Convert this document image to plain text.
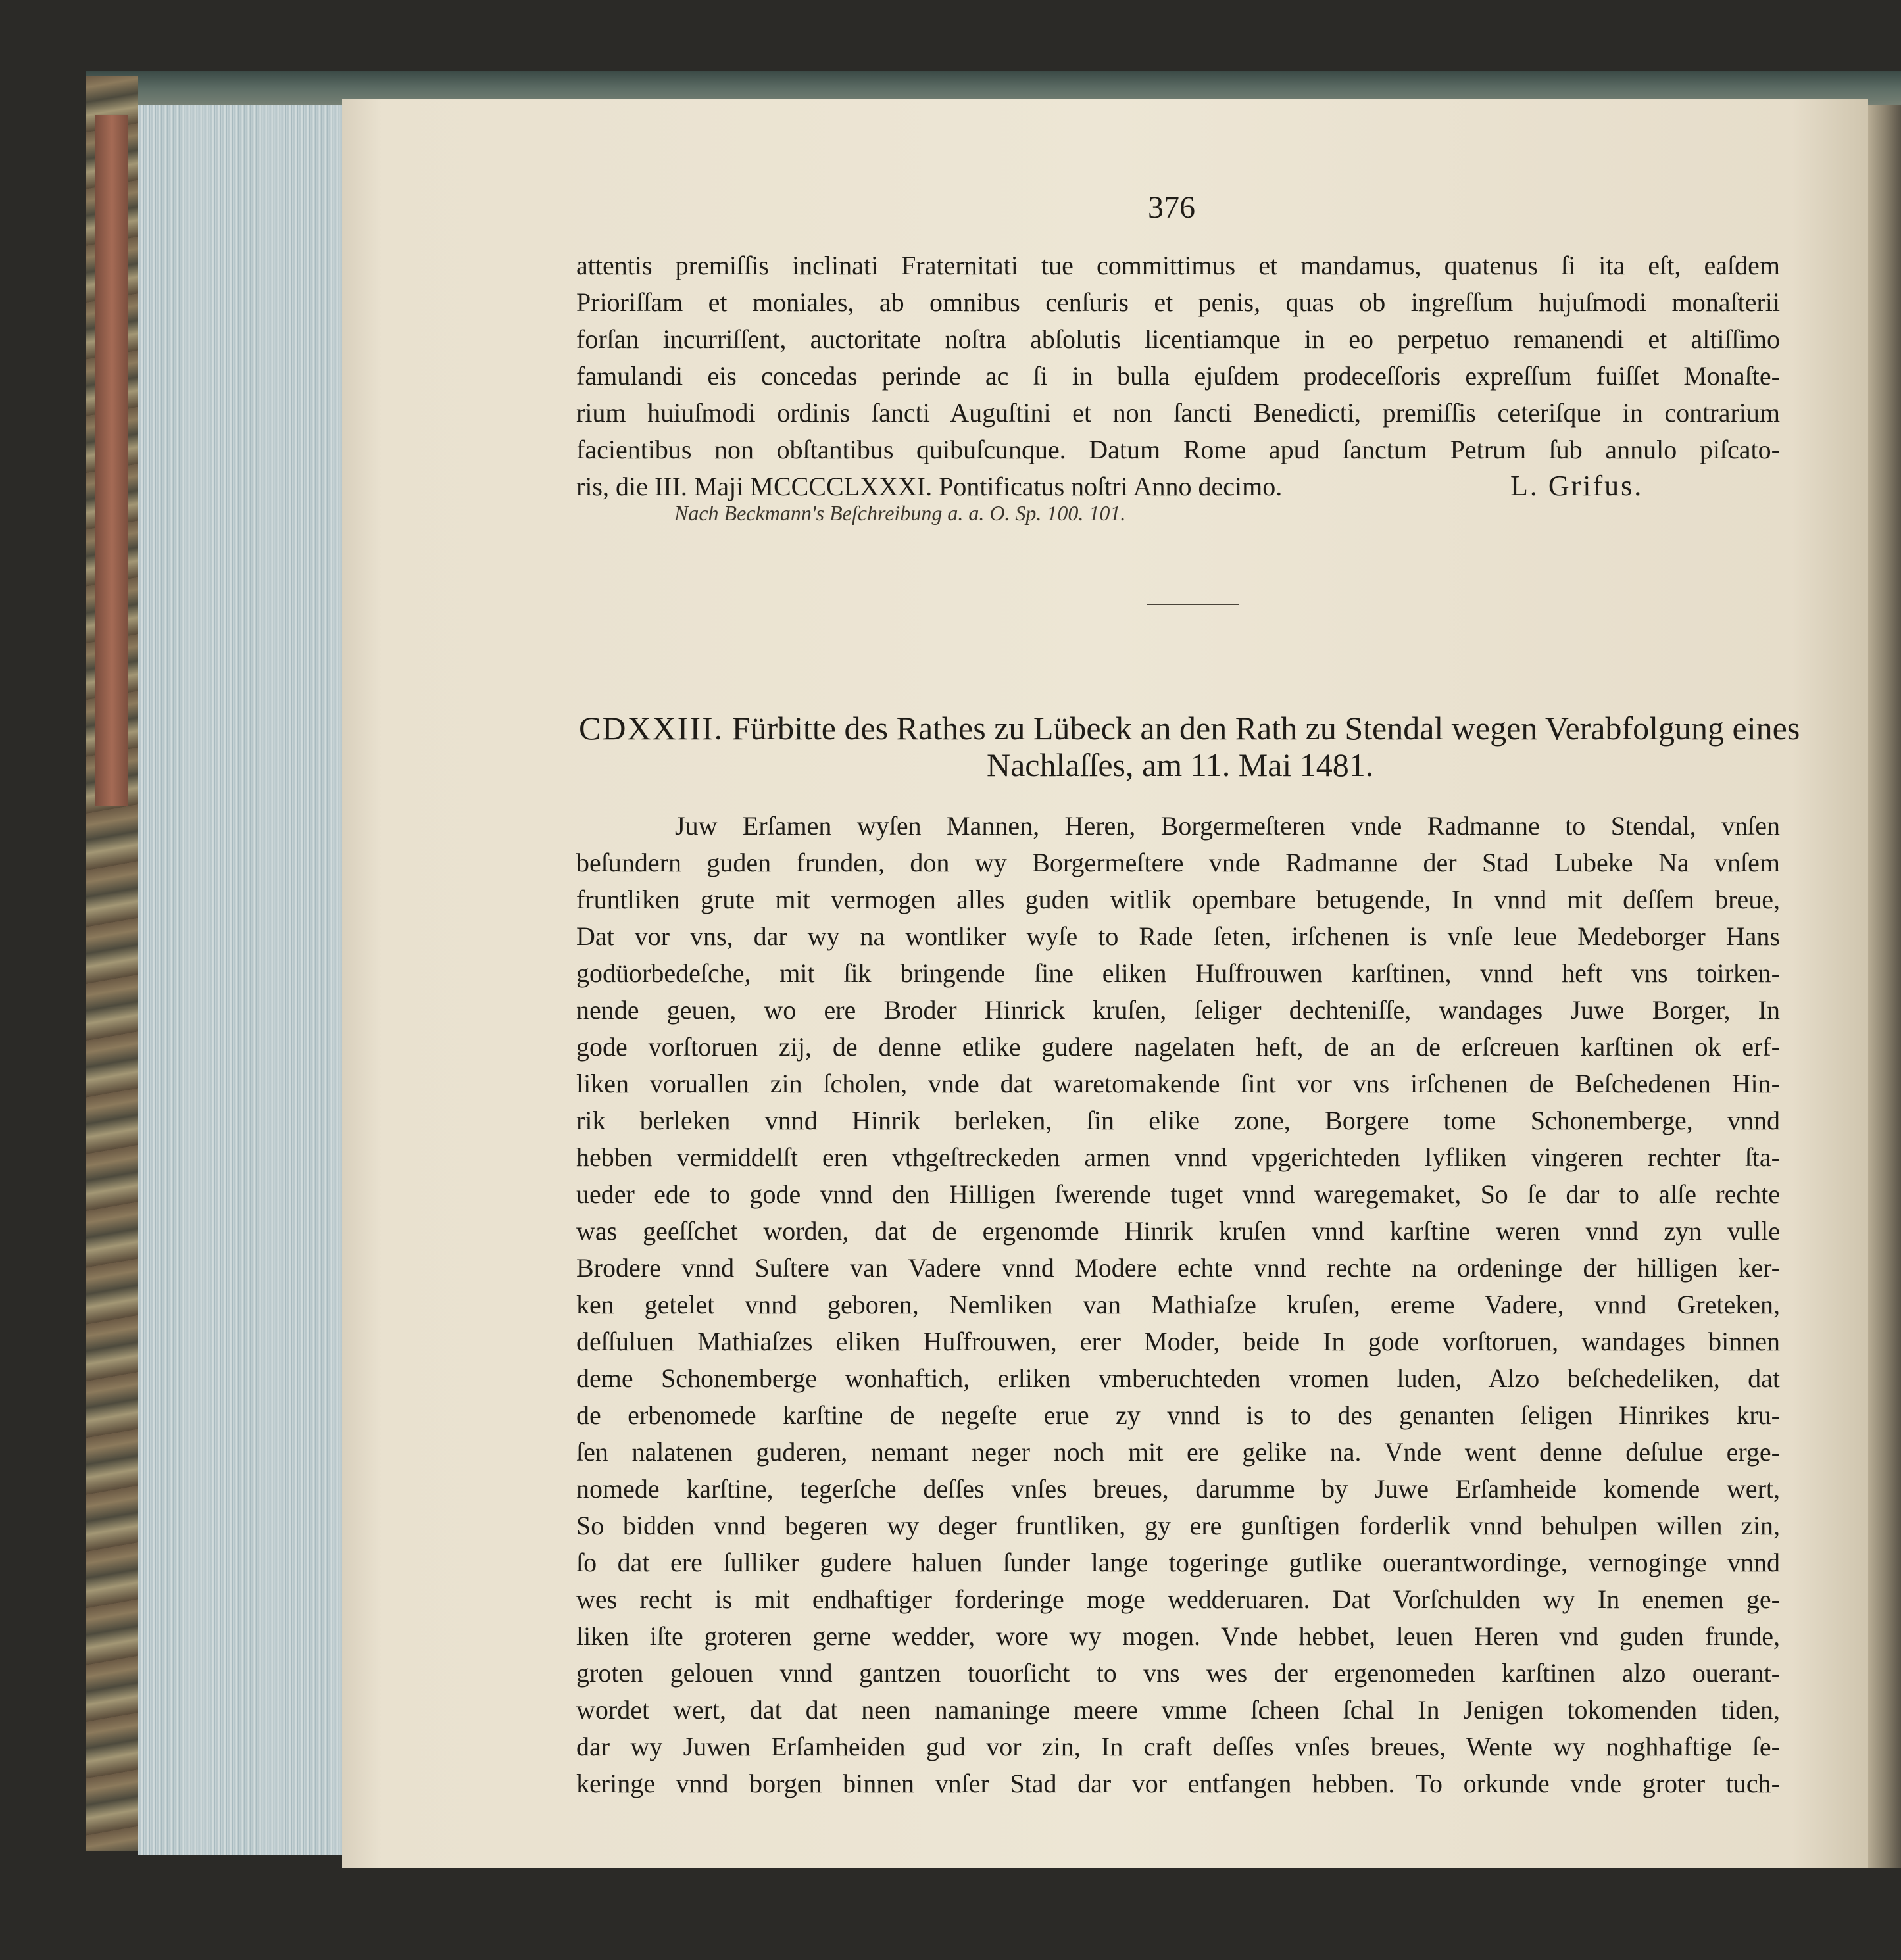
376
attentis premiſſis inclinati Fraternitati tue committimus et mandamus, quatenus ſi ita eſt, eaſdem
Prioriſſam et moniales, ab omnibus cenſuris et penis, quas ob ingreſſum hujuſmodi monaſterii
forſan incurriſſent, auctoritate noſtra abſolutis licentiamque in eo perpetuo remanendi et altiſſimo
famulandi eis concedas perinde ac ſi in bulla ejuſdem prodeceſſoris expreſſum fuiſſet Monaſte-
rium huiuſmodi ordinis ſancti Auguſtini et non ſancti Benedicti, premiſſis ceteriſque in contrarium
facientibus non obſtantibus quibuſcunque. Datum Rome apud ſanctum Petrum ſub annulo piſcato-
ris, die III. Maji MCCCCLXXXI. Pontificatus noſtri Anno decimo.	L. Grifus.
Nach Beckmann's Beſchreibung a. a. O. Sp. 100. 101.
CDXXIII. Fürbitte des Rathes zu Lübeck an den Rath zu Stendal wegen Verabfolgung eines
Nachlaſſes, am 11. Mai 1481.
Juw Erſamen wyſen Mannen, Heren, Borgermeſteren vnde Radmanne to Stendal, vnſen
beſundern guden frunden, don wy Borgermeſtere vnde Radmanne der Stad Lubeke Na vnſem
fruntliken grute mit vermogen alles guden witlik opembare betugende, In vnnd mit deſſem breue,
Dat vor vns, dar wy na wontliker wyſe to Rade ſeten, irſchenen is vnſe leue Medeborger Hans
godüorbedeſche, mit ſik bringende ſine eliken Huſfrouwen karſtinen, vnnd heft vns toirken-
nende geuen, wo ere Broder Hinrick kruſen, ſeliger dechteniſſe, wandages Juwe Borger, In
gode vorſtoruen zij, de denne etlike gudere nagelaten heft, de an de erſcreuen karſtinen ok erf-
liken voruallen zin ſcholen, vnde dat waretomakende ſint vor vns irſchenen de Beſchedenen Hin-
rik berleken vnnd Hinrik berleken, ſin elike zone, Borgere tome Schonemberge, vnnd
hebben vermiddelſt eren vthgeſtreckeden armen vnnd vpgerichteden lyfliken vingeren rechter ſta-
ueder ede to gode vnnd den Hilligen ſwerende tuget vnnd waregemaket, So ſe dar to alſe rechte
was geeſſchet worden, dat de ergenomde Hinrik kruſen vnnd karſtine weren vnnd zyn vulle
Brodere vnnd Suſtere van Vadere vnnd Modere echte vnnd rechte na ordeninge der hilligen ker-
ken getelet vnnd geboren, Nemliken van Mathiaſze kruſen, ereme Vadere, vnnd Greteken,
deſſuluen Mathiaſzes eliken Huſfrouwen, erer Moder, beide In gode vorſtoruen, wandages binnen
deme Schonemberge wonhaftich, erliken vmberuchteden vromen luden, Alzo beſchedeliken, dat
de erbenomede karſtine de negeſte erue zy vnnd is to des genanten ſeligen Hinrikes kru-
ſen nalatenen guderen, nemant neger noch mit ere gelike na. Vnde went denne deſulue erge-
nomede karſtine, tegerſche deſſes vnſes breues, darumme by Juwe Erſamheide komende wert,
So bidden vnnd begeren wy deger fruntliken, gy ere gunſtigen forderlik vnnd behulpen willen zin,
ſo dat ere ſulliker gudere haluen ſunder lange togeringe gutlike ouerantwordinge, vernoginge vnnd
wes recht is mit endhaftiger forderinge moge wedderuaren. Dat Vorſchulden wy In enemen ge-
liken iſte groteren gerne wedder, wore wy mogen. Vnde hebbet, leuen Heren vnd guden frunde,
groten gelouen vnnd gantzen touorſicht to vns wes der ergenomeden karſtinen alzo ouerant-
wordet wert, dat dat neen namaninge meere vmme ſcheen ſchal In Jenigen tokomenden tiden,
dar wy Juwen Erſamheiden gud vor zin, In craft deſſes vnſes breues, Wente wy noghhaftige ſe-
keringe vnnd borgen binnen vnſer Stad dar vor entfangen hebben. To orkunde vnde groter tuch-
